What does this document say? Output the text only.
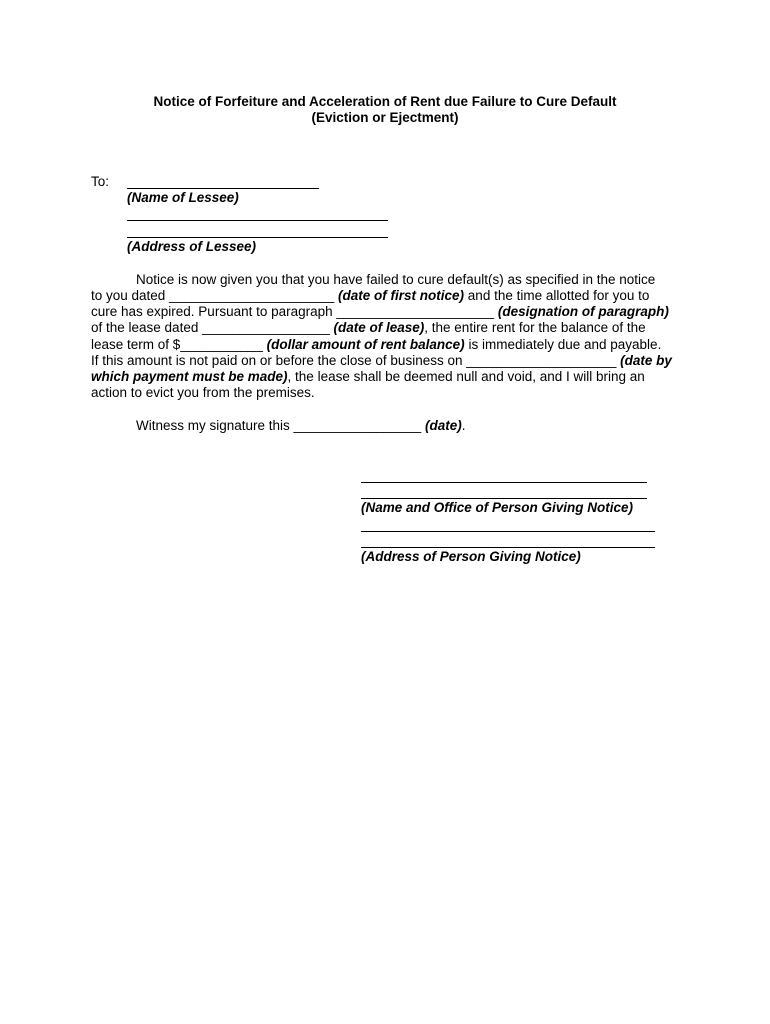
Notice of Forfeiture and Acceleration of Rent due Failure to Cure Default
(Eviction or Ejectment)
To:
(Name of Lessee)
(Address of Lessee)
Notice is now given you that you have failed to cure default(s) as specified in the notice
to you dated ______________________ (date of first notice) and the time allotted for you to
cure has expired. Pursuant to paragraph _____________________ (designation of paragraph)
of the lease dated _________________ (date of lease), the entire rent for the balance of the
lease term of $___________ (dollar amount of rent balance) is immediately due and payable.
If this amount is not paid on or before the close of business on ____________________ (date by
which payment must be made), the lease shall be deemed null and void, and I will bring an
action to evict you from the premises.
Witness my signature this _________________ (date).
(Name and Office of Person Giving Notice)
(Address of Person Giving Notice)
